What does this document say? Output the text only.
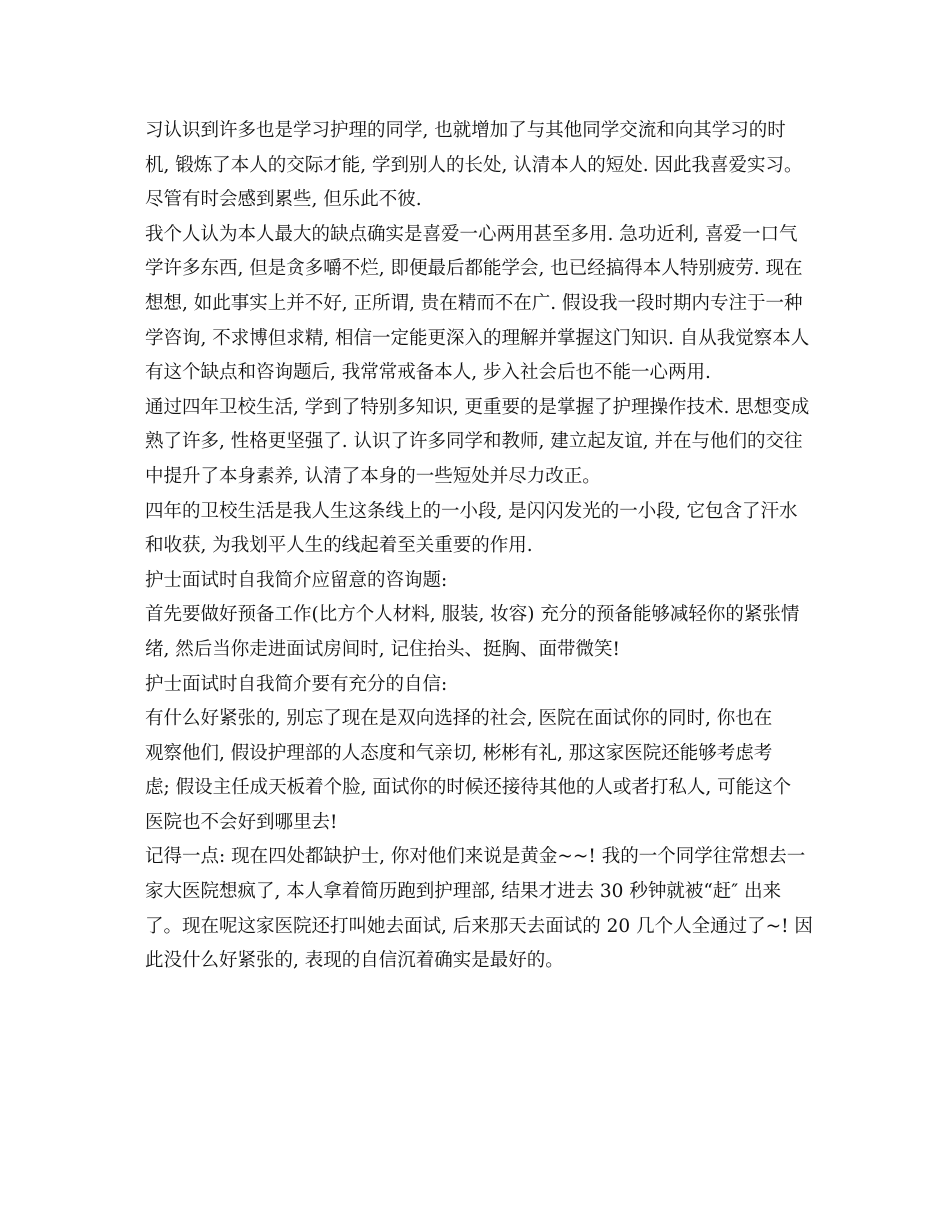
习认识到许多也是学习护理的同学, 也就增加了与其他同学交流和向其学习的时
机, 锻炼了本人的交际才能, 学到别人的长处, 认清本人的短处. 因此我喜爱实习。
尽管有时会感到累些, 但乐此不彼.
我个人认为本人最大的缺点确实是喜爱一心两用甚至多用. 急功近利, 喜爱一口气
学许多东西, 但是贪多嚼不烂, 即便最后都能学会, 也已经搞得本人特别疲劳. 现在
想想, 如此事实上并不好, 正所谓, 贵在精而不在广. 假设我一段时期内专注于一种
学咨询, 不求博但求精, 相信一定能更深入的理解并掌握这门知识. 自从我觉察本人
有这个缺点和咨询题后, 我常常戒备本人, 步入社会后也不能一心两用.
通过四年卫校生活, 学到了特别多知识, 更重要的是掌握了护理操作技术. 思想变成
熟了许多, 性格更坚强了. 认识了许多同学和教师, 建立起友谊, 并在与他们的交往
中提升了本身素养, 认清了本身的一些短处并尽力改正。
四年的卫校生活是我人生这条线上的一小段, 是闪闪发光的一小段, 它包含了汗水
和收获, 为我划平人生的线起着至关重要的作用.
护士面试时自我简介应留意的咨询题:
首先要做好预备工作(比方个人材料, 服装, 妆容) 充分的预备能够减轻你的紧张情
绪, 然后当你走进面试房间时, 记住抬头、挺胸、面带微笑!
护士面试时自我简介要有充分的自信:
有什么好紧张的, 别忘了现在是双向选择的社会, 医院在面试你的同时, 你也在
观察他们, 假设护理部的人态度和气亲切, 彬彬有礼, 那这家医院还能够考虑考
虑; 假设主任成天板着个脸, 面试你的时候还接待其他的人或者打私人, 可能这个
医院也不会好到哪里去!
记得一点: 现在四处都缺护士, 你对他们来说是黄金~~! 我的一个同学往常想去一
家大医院想疯了, 本人拿着简历跑到护理部, 结果才进去 30 秒钟就被“赶″ 出来
了。现在呢这家医院还打叫她去面试, 后来那天去面试的 20 几个人全通过了~! 因
此没什么好紧张的, 表现的自信沉着确实是最好的。
